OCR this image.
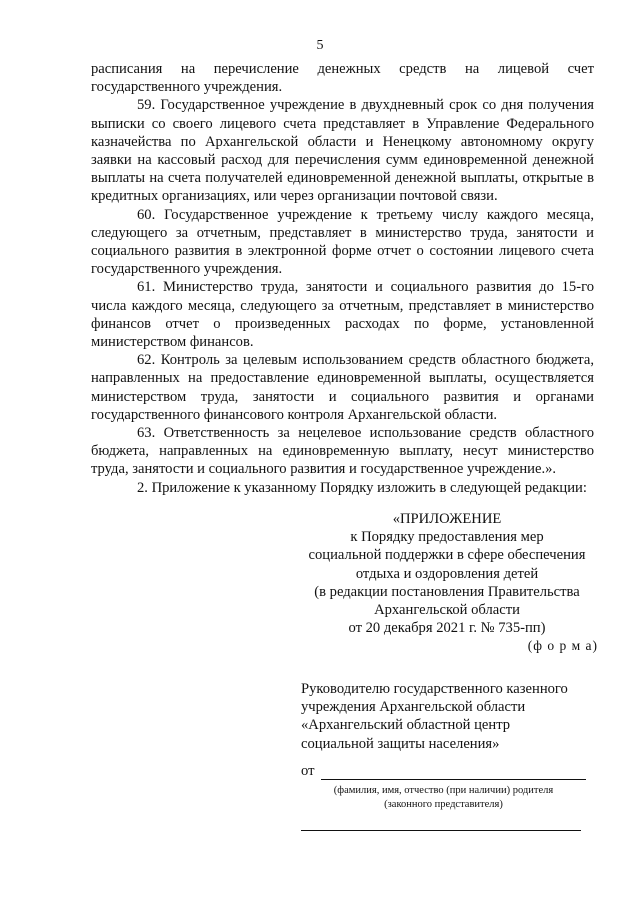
5

расписания на перечисление денежных средств на лицевой счет государственного учреждения.

59. Государственное учреждение в двухдневный срок со дня получения выписки со своего лицевого счета представляет в Управление Федерального казначейства по Архангельской области и Ненецкому автономному округу заявки на кассовый расход для перечисления сумм единовременной денежной выплаты на счета получателей единовременной денежной выплаты, открытые в кредитных организациях, или через организации почтовой связи.

60. Государственное учреждение к третьему числу каждого месяца, следующего за отчетным, представляет в министерство труда, занятости и социального развития в электронной форме отчет о состоянии лицевого счета государственного учреждения.

61. Министерство труда, занятости и социального развития до 15-го числа каждого месяца, следующего за отчетным, представляет в министерство финансов отчет о произведенных расходах по форме, установленной министерством финансов.

62. Контроль за целевым использованием средств областного бюджета, направленных на предоставление единовременной выплаты, осуществляется министерством труда, занятости и социального развития и органами государственного финансового контроля Архангельской области.

63. Ответственность за нецелевое использование средств областного бюджета, направленных на единовременную выплату, несут министерство труда, занятости и социального развития и государственное учреждение.».

2. Приложение к указанному Порядку изложить в следующей редакции:

«ПРИЛОЖЕНИЕ
к Порядку предоставления мер
социальной поддержки в сфере обеспечения
отдыха и оздоровления детей
(в редакции постановления Правительства
Архангельской области
от 20 декабря 2021 г. № 735-пп)
(ф о р м а)
Руководителю государственного казенного
учреждения Архангельской области
«Архангельский областной центр
социальной защиты населения»
от
(фамилия, имя, отчество (при наличии) родителя
(законного представителя)
